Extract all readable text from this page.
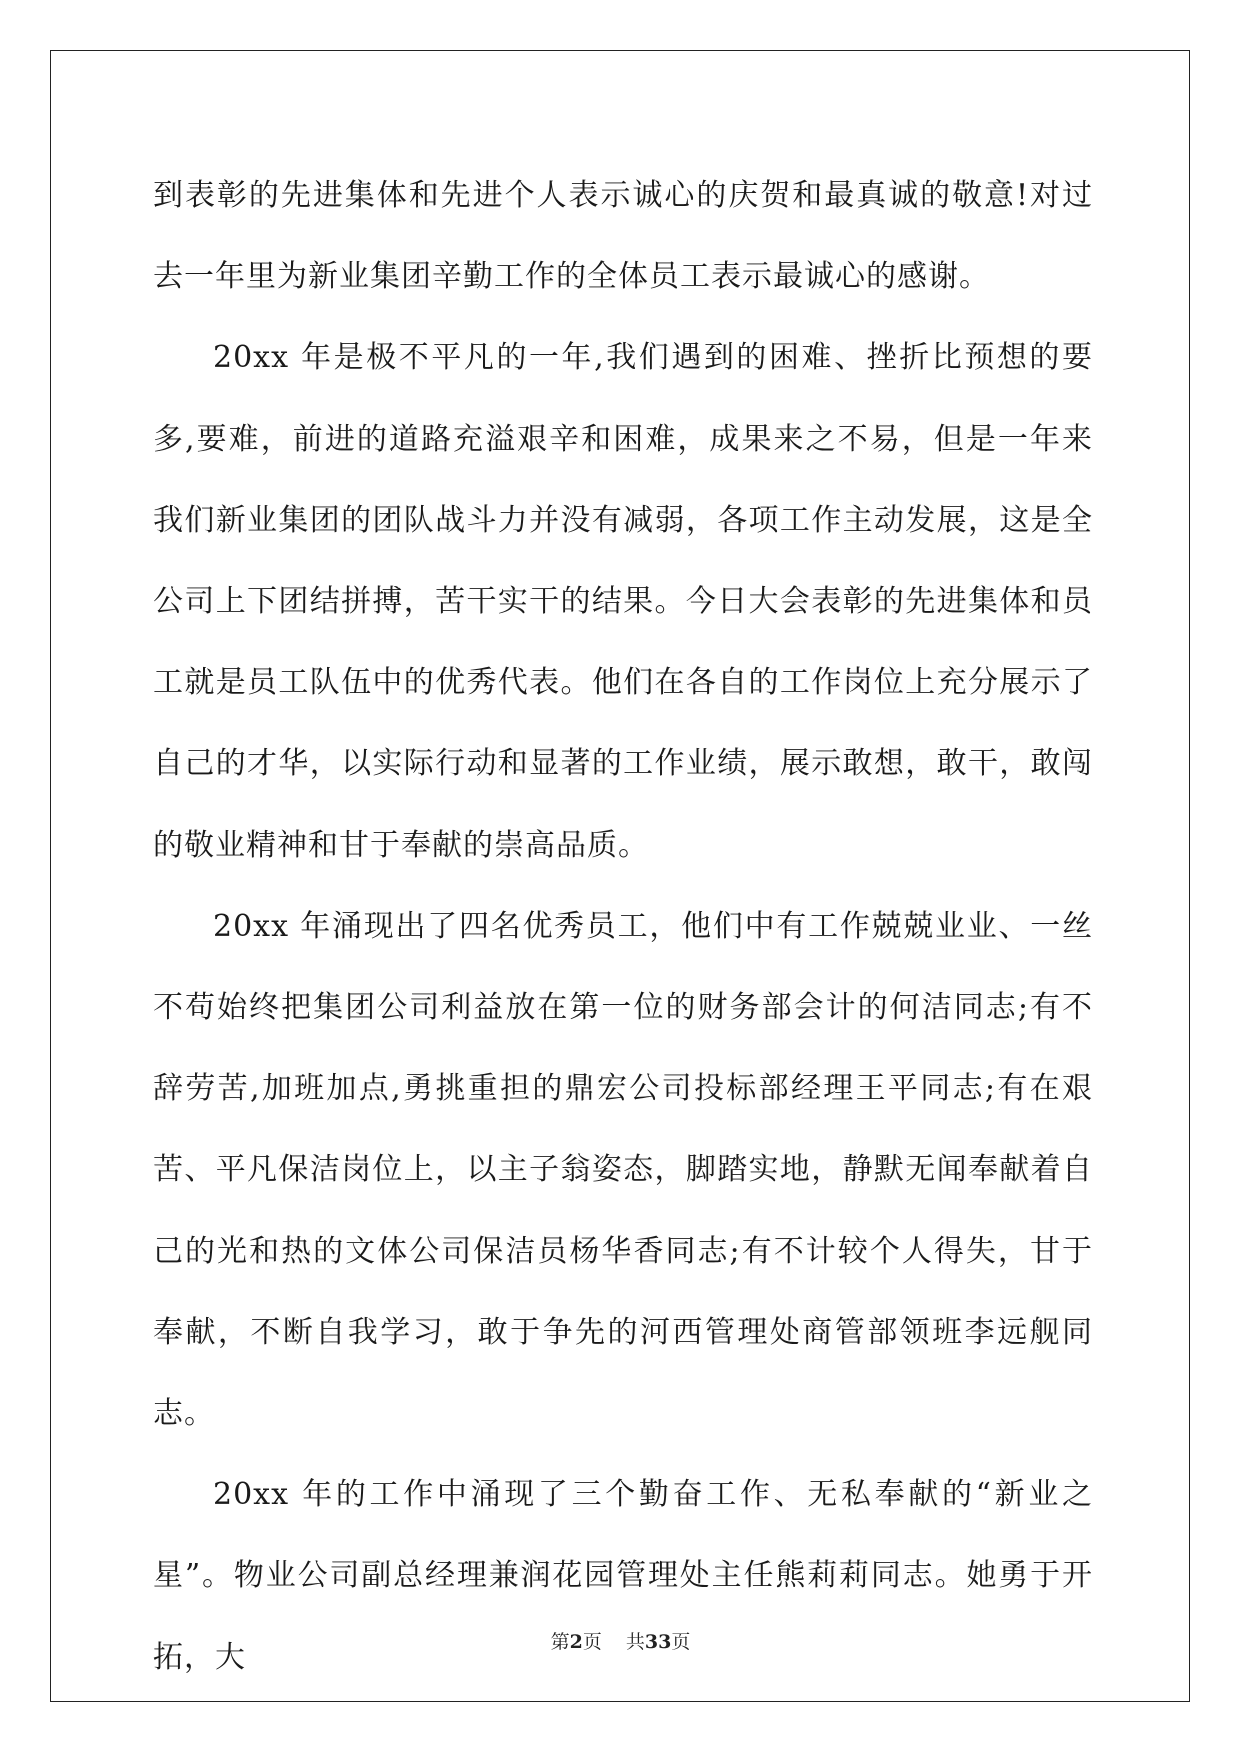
到表彰的先进集体和先进个人表示诚心的庆贺和最真诚的敬意!对过去一年里为新业集团辛勤工作的全体员工表示最诚心的感谢。

20xx 年是极不平凡的一年,我们遇到的困难、挫折比预想的要多,要难，前进的道路充溢艰辛和困难，成果来之不易，但是一年来我们新业集团的团队战斗力并没有减弱，各项工作主动发展，这是全公司上下团结拼搏，苦干实干的结果。今日大会表彰的先进集体和员工就是员工队伍中的优秀代表。他们在各自的工作岗位上充分展示了自己的才华，以实际行动和显著的工作业绩，展示敢想，敢干，敢闯的敬业精神和甘于奉献的崇高品质。

20xx 年涌现出了四名优秀员工，他们中有工作兢兢业业、一丝不苟始终把集团公司利益放在第一位的财务部会计的何洁同志;有不辞劳苦,加班加点,勇挑重担的鼎宏公司投标部经理王平同志;有在艰苦、平凡保洁岗位上，以主子翁姿态，脚踏实地，静默无闻奉献着自己的光和热的文体公司保洁员杨华香同志;有不计较个人得失，甘于奉献，不断自我学习，敢于争先的河西管理处商管部领班李远舰同志。

20xx 年的工作中涌现了三个勤奋工作、无私奉献的“新业之星”。物业公司副总经理兼润花园管理处主任熊莉莉同志。她勇于开拓，大	第2页 共33页
